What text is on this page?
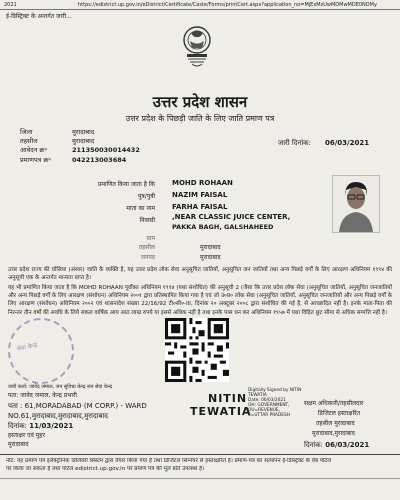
2021	https://edistrict.up.gov.in/eDistrict/Certificate/Caste/Forms/printCert.aspx?application_no=MjExMzUwMDMwMDE0NDMy
ई-डिस्ट्रिक्ट के अन्तर्गत जारी...
उत्तर प्रदेश शासन
उत्तर प्रदेश के पिछड़ी जाति के लिए जाति प्रमाण पत्र
जिला	मुरादाबाद
तहसील	मुरादाबाद
आवेदन क्र॰	211350030014432
प्रमाणपत्र क्र॰	042213003684
जारी दिनांक: 06/03/2021
प्रमाणित किया जाता है कि MOHD ROHAAN
पुत्र/पुत्री NAZIM FAISAL
माता का नाम FARHA FAISAL
निवासी ,NEAR CLASSIC JUICE CENTER,
PAKKA BAGH, GALSHAHEED
ग्राम
तहसील	मुरादाबाद
जनपद	मुरादाबाद
उत्तर प्रदेश राज्य की घोसिया (अंसार) जाति के व्यक्ति है, यह उत्तर प्रदेश लोक सेवा अनुसूचित जातियों, अनुसूचित जन जातियों तथा अन्य पिछड़े वर्गों के लिए आरक्षण अधिनियम १९९४ की अनुसूची एक के अन्तर्गत मान्यता प्राप्त है।
यह भी प्रमाणित किया जाता है कि MOHD ROHAAN पूर्वोक्त अधिनियम १९९४ (यथा संशोधित) की अनुसूची 2 (जैसा कि उत्तर प्रदेश लोक सेवा (अनुसूचित जातियों, अनुसूचित जनजातियों और अन्य पिछड़े वर्गों के लिए आरक्षण (संशोधन) अधिनियम २००१ द्वारा प्रतिस्थापित किया गया है एवं जो उ०प्र० लोक सेवा (अनुसूचित जातियों, अनुसूचित जनजातियों और अन्य पिछड़े वर्गों के लिए आरक्षण (संशोधन) अधिनियम २००२ एवं शासनादेश संख्या 22/16/92 टी०सी०-III, दिनांक २० अक्टूबर २००८ द्वारा संशोधित की गई है, से आच्छादित नहीं है। इनके माता-पिता की निरन्तर तीन वर्षों की अवधि के लिये सकल वार्षिक आय आठ लाख रुपये या इससे अधिक नहीं है तथा इनके पास धन कर अधिनियम १९५७ में यथा विहित छूट सीमा से अधिक सम्पत्ति नहीं है।
सेवा केन्द्र
जारी कर्ता: जावेद जमाल, जन सुविधा केन्द्र जन सेवा केन्द्र
पता: जावेद जमाल, केन्द्र प्रभारी
पता : 61,MORADABAD (M CORP.) - WARD
NO.61,मुरादाबाद,मुरादाबाद,मुरादाबाद
दिनांक: 11/03/2021
हस्ताक्षर एवं मुहर
मुरादाबाद
NITIN
TEWATIA
Digitally Signed by NITIN
TEWATIA
Date: 06/03/2021
ОН: GOVERNMENT,
OU=REVENUE,
S=UTTAR PRADESH
सक्षम अधिकारी/तहसीलदार
डिजिटल हस्ताक्षरित
तहसील मुरादाबाद
मुरादाबाद,मुरादाबाद
दिनांक: 06/03/2021
नोट: यह प्रमाण पत्र इलेक्ट्रॉनिक डिलिवरी सिस्टम द्वारा तैयार किया गया है तथा डिजिटल सिग्नेचर से हस्ताक्षरित है। प्रमाण-पत्र का सत्यापन ई-डिस्ट्रिक्ट के वेब पोर्टल
पर किया जा सकता है तथा पोर्टल edistrict.up.gov.in पर प्रमाण पत्र की मूल प्रति उपलब्ध है।
